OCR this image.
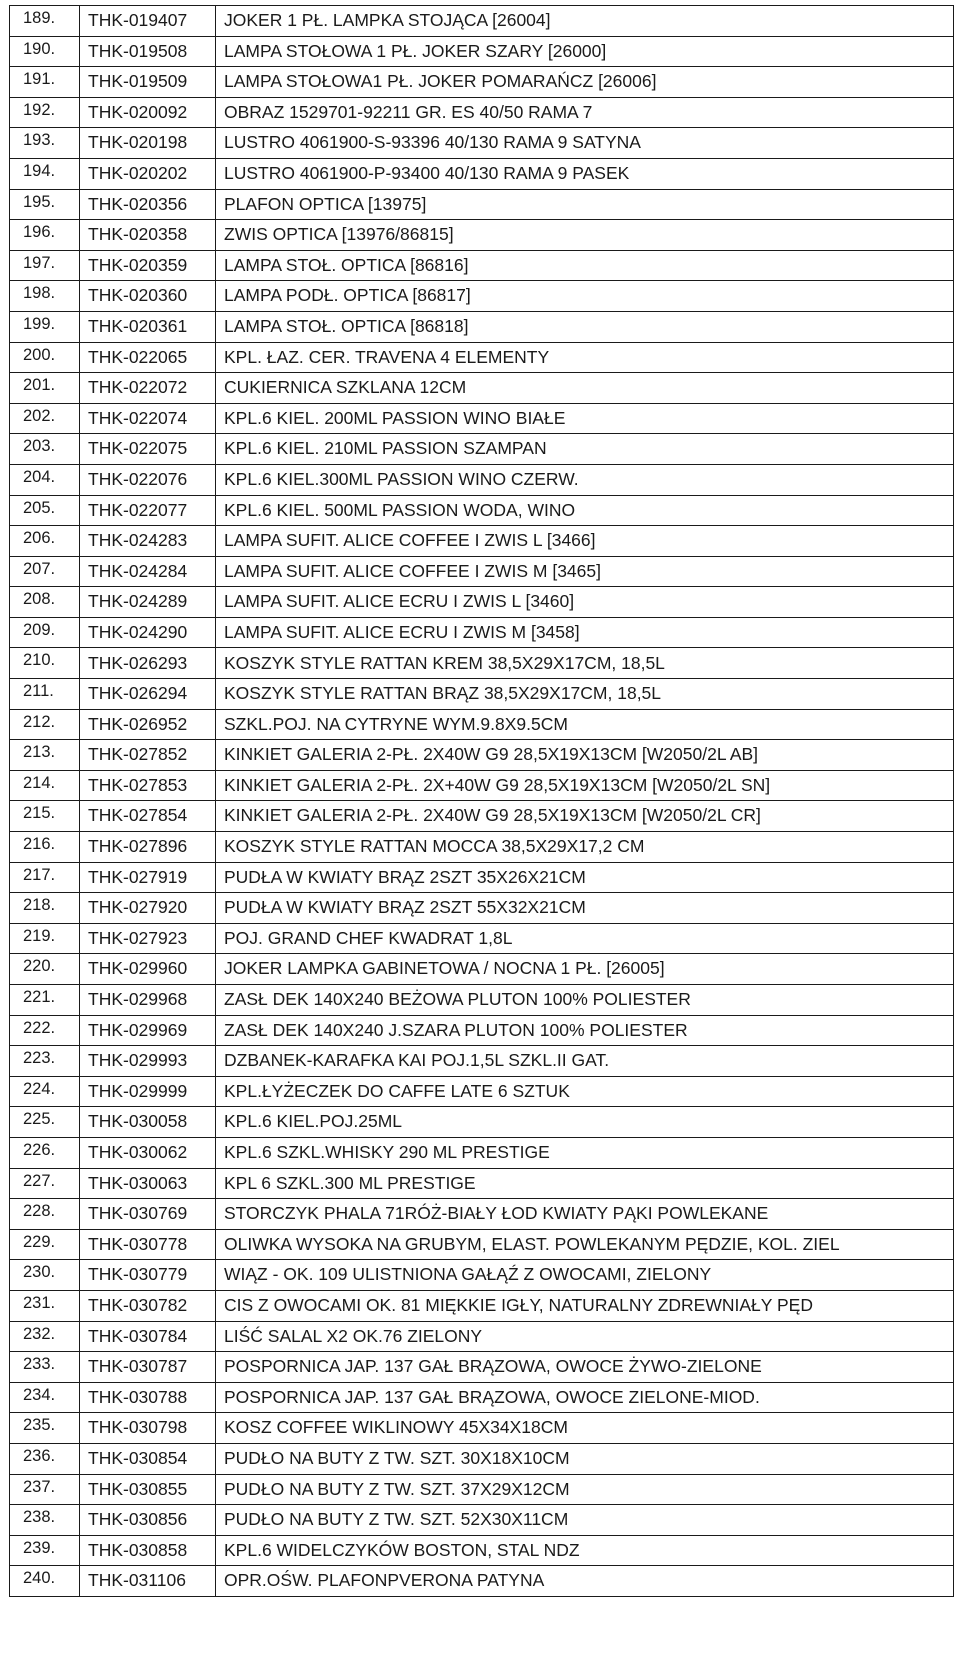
189.	THK-019407	JOKER 1 PŁ. LAMPKA STOJĄCA [26004]
190.	THK-019508	LAMPA STOŁOWA 1 PŁ. JOKER SZARY [26000]
191.	THK-019509	LAMPA STOŁOWA1 PŁ. JOKER POMARAŃCZ [26006]
192.	THK-020092	OBRAZ 1529701-92211 GR. ES 40/50 RAMA 7
193.	THK-020198	LUSTRO 4061900-S-93396 40/130 RAMA 9 SATYNA
194.	THK-020202	LUSTRO 4061900-P-93400 40/130 RAMA 9 PASEK
195.	THK-020356	PLAFON OPTICA [13975]
196.	THK-020358	ZWIS OPTICA [13976/86815]
197.	THK-020359	LAMPA STOŁ. OPTICA [86816]
198.	THK-020360	LAMPA PODŁ. OPTICA [86817]
199.	THK-020361	LAMPA STOŁ. OPTICA [86818]
200.	THK-022065	KPL. ŁAZ. CER. TRAVENA 4 ELEMENTY
201.	THK-022072	CUKIERNICA SZKLANA 12CM
202.	THK-022074	KPL.6 KIEL. 200ML PASSION WINO BIAŁE
203.	THK-022075	KPL.6 KIEL. 210ML PASSION SZAMPAN
204.	THK-022076	KPL.6 KIEL.300ML PASSION WINO CZERW.
205.	THK-022077	KPL.6 KIEL. 500ML PASSION WODA, WINO
206.	THK-024283	LAMPA SUFIT. ALICE COFFEE I ZWIS L [3466]
207.	THK-024284	LAMPA SUFIT. ALICE COFFEE I ZWIS M [3465]
208.	THK-024289	LAMPA SUFIT. ALICE ECRU I ZWIS L [3460]
209.	THK-024290	LAMPA SUFIT. ALICE ECRU I ZWIS M [3458]
210.	THK-026293	KOSZYK STYLE RATTAN KREM 38,5X29X17CM, 18,5L
211.	THK-026294	KOSZYK STYLE RATTAN BRĄZ 38,5X29X17CM, 18,5L
212.	THK-026952	SZKL.POJ. NA CYTRYNE WYM.9.8X9.5CM
213.	THK-027852	KINKIET GALERIA 2-PŁ. 2X40W G9 28,5X19X13CM [W2050/2L AB]
214.	THK-027853	KINKIET GALERIA 2-PŁ. 2X+40W G9 28,5X19X13CM [W2050/2L SN]
215.	THK-027854	KINKIET GALERIA 2-PŁ. 2X40W G9 28,5X19X13CM [W2050/2L CR]
216.	THK-027896	KOSZYK STYLE RATTAN MOCCA 38,5X29X17,2 CM
217.	THK-027919	PUDŁA W KWIATY BRĄZ 2SZT 35X26X21CM
218.	THK-027920	PUDŁA W KWIATY BRĄZ 2SZT 55X32X21CM
219.	THK-027923	POJ. GRAND CHEF KWADRAT 1,8L
220.	THK-029960	JOKER LAMPKA GABINETOWA / NOCNA 1 PŁ. [26005]
221.	THK-029968	ZASŁ DEK 140X240 BEŻOWA PLUTON 100% POLIESTER
222.	THK-029969	ZASŁ DEK 140X240 J.SZARA PLUTON 100% POLIESTER
223.	THK-029993	DZBANEK-KARAFKA KAI POJ.1,5L SZKL.II GAT.
224.	THK-029999	KPL.ŁYŻECZEK DO CAFFE LATE 6 SZTUK
225.	THK-030058	KPL.6 KIEL.POJ.25ML
226.	THK-030062	KPL.6 SZKL.WHISKY 290 ML PRESTIGE
227.	THK-030063	KPL 6 SZKL.300 ML PRESTIGE
228.	THK-030769	STORCZYK PHALA 71RÓŻ-BIAŁY ŁOD KWIATY PĄKI POWLEKANE
229.	THK-030778	OLIWKA WYSOKA NA GRUBYM, ELAST. POWLEKANYM PĘDZIE, KOL. ZIEL
230.	THK-030779	WIĄZ - OK. 109 ULISTNIONA GAŁĄŹ Z OWOCAMI, ZIELONY
231.	THK-030782	CIS Z OWOCAMI OK. 81 MIĘKKIE IGŁY, NATURALNY ZDREWNIAŁY PĘD
232.	THK-030784	LIŚĆ SALAL X2 OK.76 ZIELONY
233.	THK-030787	POSPORNICA JAP. 137 GAŁ BRĄZOWA, OWOCE ŻYWO-ZIELONE
234.	THK-030788	POSPORNICA JAP. 137 GAŁ BRĄZOWA, OWOCE ZIELONE-MIOD.
235.	THK-030798	KOSZ COFFEE WIKLINOWY 45X34X18CM
236.	THK-030854	PUDŁO NA BUTY Z TW. SZT. 30X18X10CM
237.	THK-030855	PUDŁO NA BUTY Z TW. SZT. 37X29X12CM
238.	THK-030856	PUDŁO NA BUTY Z TW. SZT. 52X30X11CM
239.	THK-030858	KPL.6 WIDELCZYKÓW BOSTON, STAL NDZ
240.	THK-031106	OPR.OŚW. PLAFONPVERONA PATYNA
